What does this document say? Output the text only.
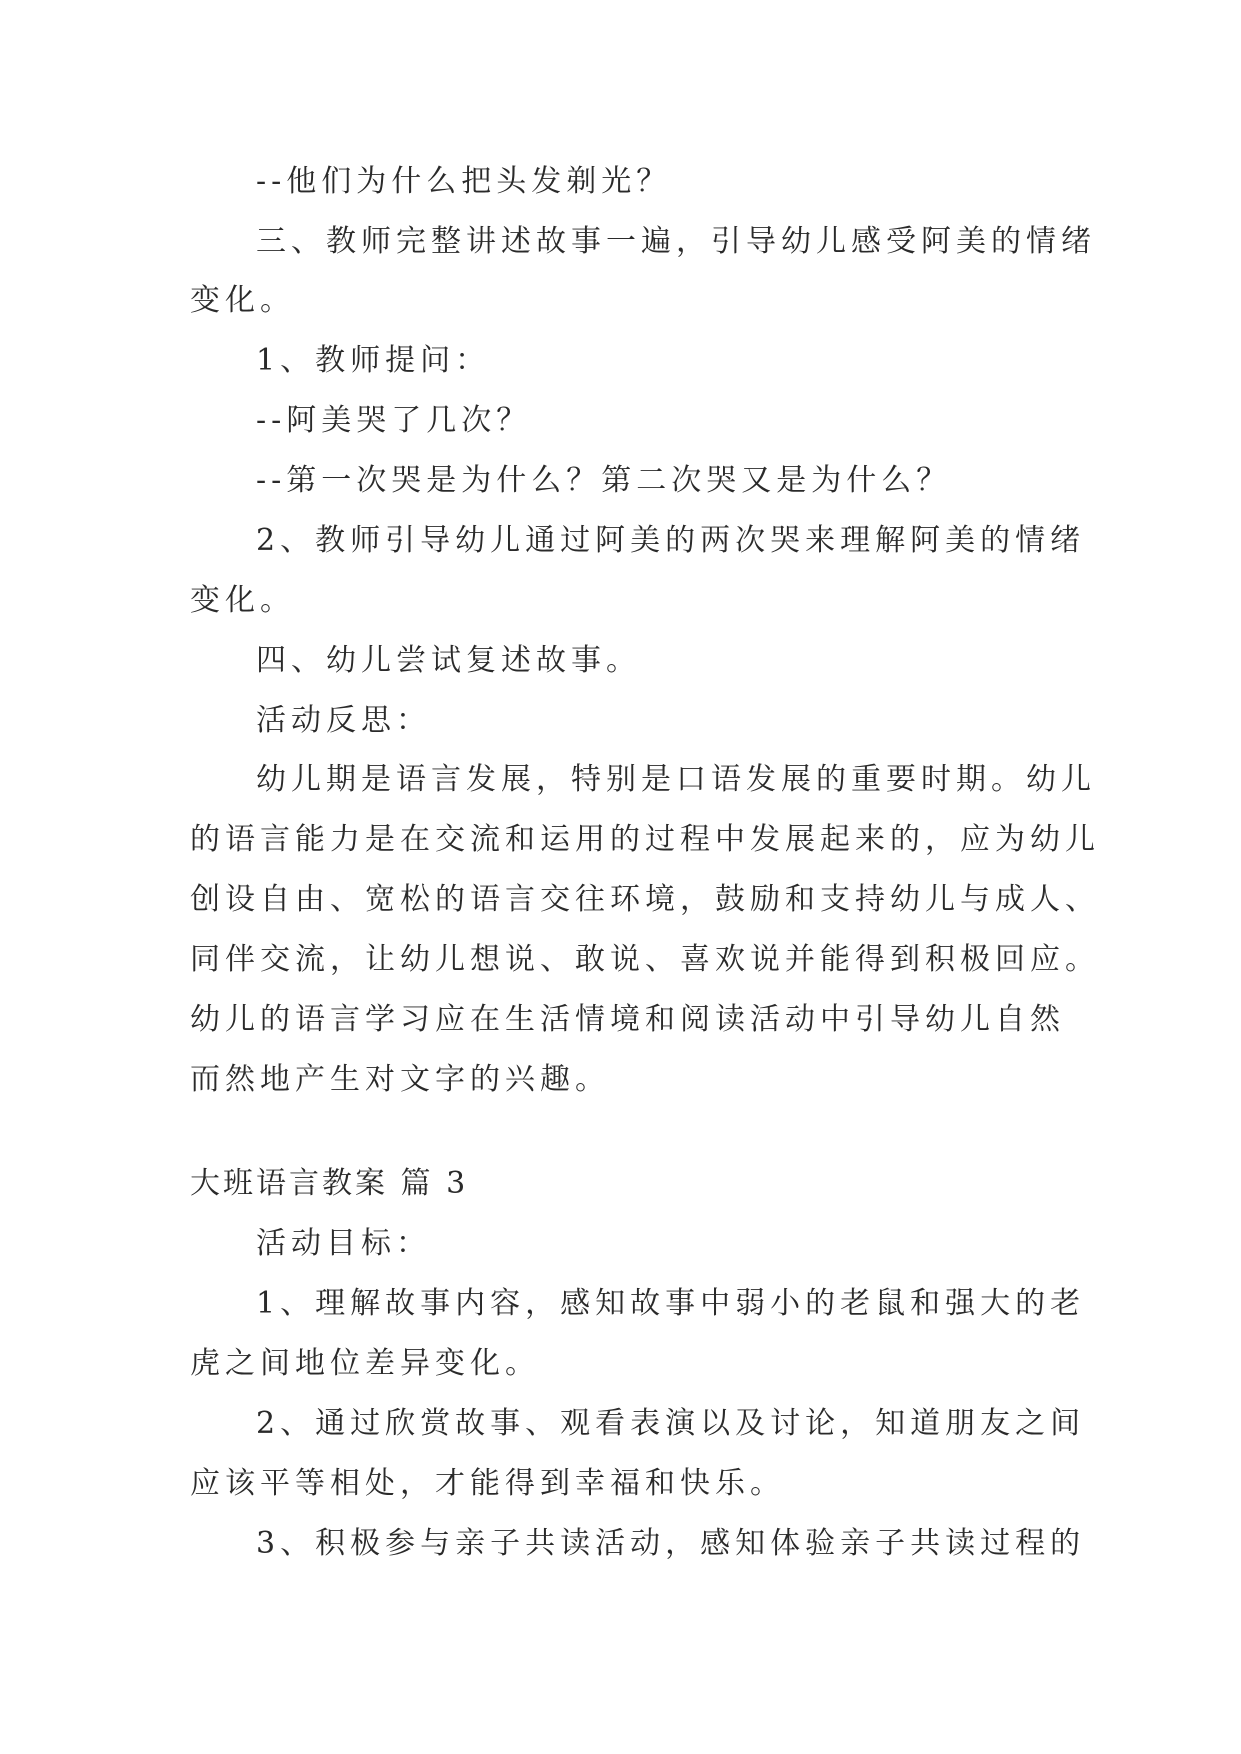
--他们为什么把头发剃光？
三、教师完整讲述故事一遍，引导幼儿感受阿美的情绪
变化。
1、教师提问：
--阿美哭了几次？
--第一次哭是为什么？第二次哭又是为什么？
2、教师引导幼儿通过阿美的两次哭来理解阿美的情绪
变化。
四、幼儿尝试复述故事。
活动反思：
幼儿期是语言发展，特别是口语发展的重要时期。幼儿
的语言能力是在交流和运用的过程中发展起来的，应为幼儿
创设自由、宽松的语言交往环境，鼓励和支持幼儿与成人、
同伴交流，让幼儿想说、敢说、喜欢说并能得到积极回应。
幼儿的语言学习应在生活情境和阅读活动中引导幼儿自然
而然地产生对文字的兴趣。
大班语言教案 篇 3
活动目标：
1、理解故事内容，感知故事中弱小的老鼠和强大的老
虎之间地位差异变化。
2、通过欣赏故事、观看表演以及讨论，知道朋友之间
应该平等相处，才能得到幸福和快乐。
3、积极参与亲子共读活动，感知体验亲子共读过程的
